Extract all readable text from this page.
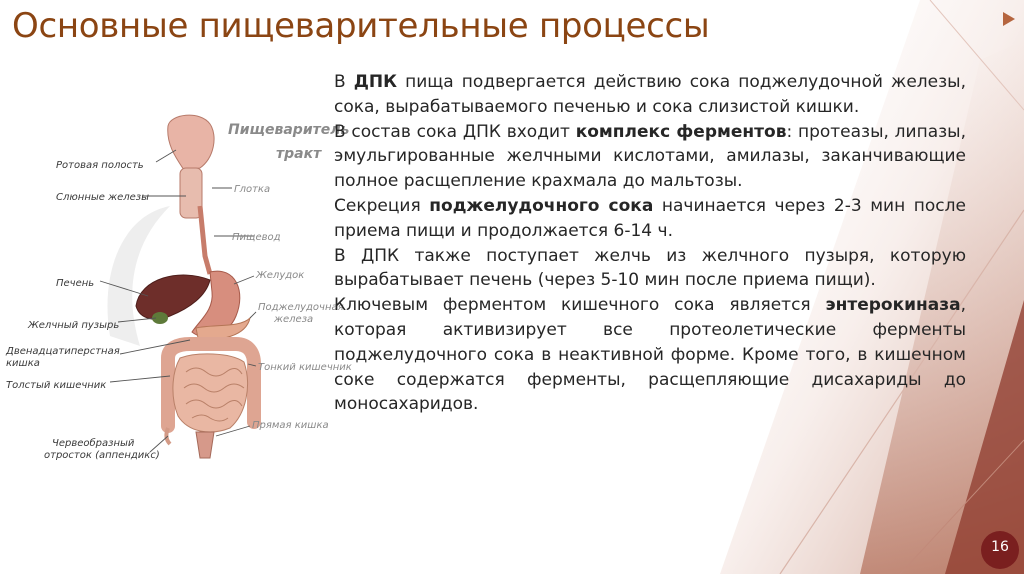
Основные пищеварительные процессы
Пищеваритель
тракт
Ротовая полость
Слюнные железы
Печень
Желчный пузырь
Двенадцатиперстная
кишка
Толстый кишечник
Червеобразный
отросток (аппендикс)
Глотка
Пищевод
Желудок
Поджелудочная
железа
Тонкий кишечник
Прямая кишка

В ДПК пища подвергается действию сока поджелудочной железы, сока, вырабатываемого печенью и сока слизистой кишки.

В состав сока ДПК входит комплекс ферментов: протеазы, липазы, эмульгированные желчными кислотами, амилазы, заканчивающие полное расщепление крахмала до мальтозы.

Секреция поджелудочного сока начинается через 2-3 мин после приема пищи и продолжается 6-14 ч.

В ДПК также поступает желчь из желчного пузыря, которую вырабатывает печень (через 5-10 мин после приема пищи).

Ключевым ферментом кишечного сока является энтерокиназа, которая активизирует все протеолетические ферменты поджелудочного сока в неактивной форме. Кроме того, в кишечном соке содержатся ферменты, расщепляющие дисахариды до моносахаридов.

16
